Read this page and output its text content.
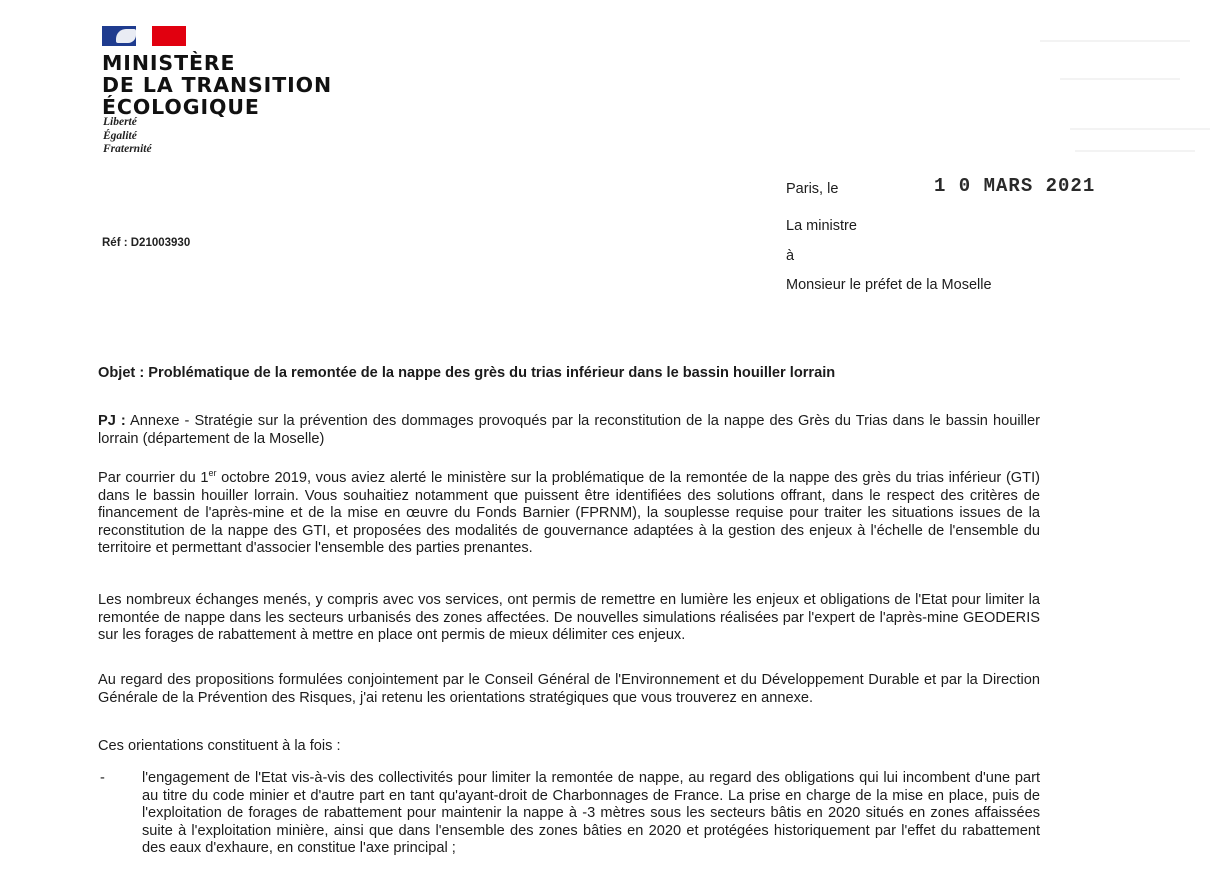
MINISTÈRE
DE LA TRANSITION
ÉCOLOGIQUE
Liberté
Égalité
Fraternité
Réf : D21003930
Paris, le	1 0 MARS 2021
La ministre
à
Monsieur le préfet de la Moselle
Objet : Problématique de la remontée de la nappe des grès du trias inférieur dans le bassin houiller lorrain
PJ : Annexe - Stratégie sur la prévention des dommages provoqués par la reconstitution de la nappe des Grès du Trias dans le bassin houiller lorrain (département de la Moselle)
Par courrier du 1er octobre 2019, vous aviez alerté le ministère sur la problématique de la remontée de la nappe des grès du trias inférieur (GTI) dans le bassin houiller lorrain. Vous souhaitiez notamment que puissent être identifiées des solutions offrant, dans le respect des critères de financement de l'après-mine et de la mise en œuvre du Fonds Barnier (FPRNM), la souplesse requise pour traiter les situations issues de la reconstitution de la nappe des GTI, et proposées des modalités de gouvernance adaptées à la gestion des enjeux à l'échelle de l'ensemble du territoire et permettant d'associer l'ensemble des parties prenantes.
Les nombreux échanges menés, y compris avec vos services, ont permis de remettre en lumière les enjeux et obligations de l'Etat pour limiter la remontée de nappe dans les secteurs urbanisés des zones affectées. De nouvelles simulations réalisées par l'expert de l'après-mine GEODERIS sur les forages de rabattement à mettre en place ont permis de mieux délimiter ces enjeux.
Au regard des propositions formulées conjointement par le Conseil Général de l'Environnement et du Développement Durable et par la Direction Générale de la Prévention des Risques, j'ai retenu les orientations stratégiques que vous trouverez en annexe.
Ces orientations constituent à la fois :
-	l'engagement de l'Etat vis-à-vis des collectivités pour limiter la remontée de nappe, au regard des obligations qui lui incombent d'une part au titre du code minier et d'autre part en tant qu'ayant-droit de Charbonnages de France. La prise en charge de la mise en place, puis de l'exploitation de forages de rabattement pour maintenir la nappe à -3 mètres sous les secteurs bâtis en 2020 situés en zones affaissées suite à l'exploitation minière, ainsi que dans l'ensemble des zones bâties en 2020 et protégées historiquement par l'effet du rabattement des eaux d'exhaure, en constitue l'axe principal ;
